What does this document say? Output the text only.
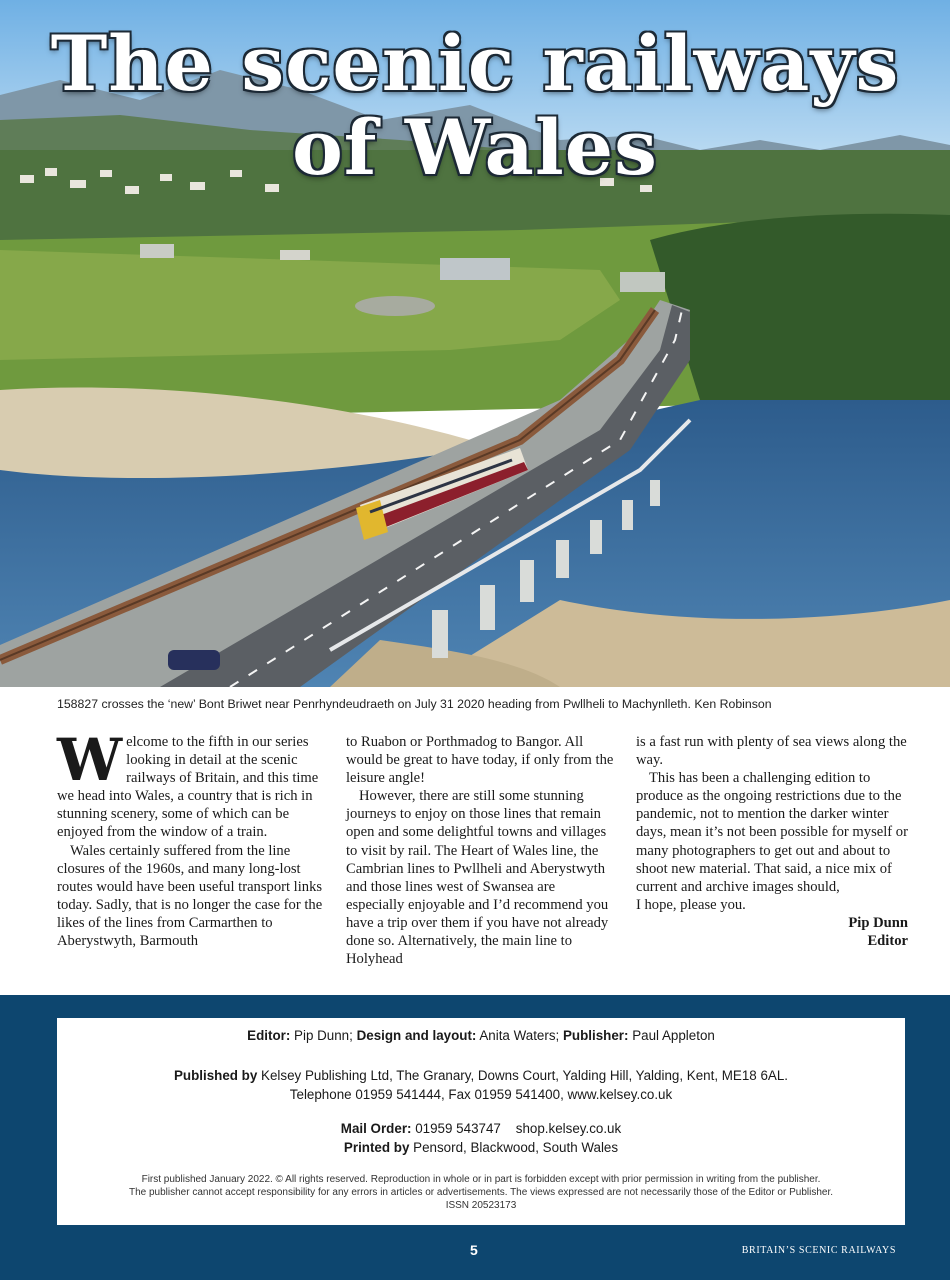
The scenic railways
of Wales

158827 crosses the ‘new’ Bont Briwet near Penrhyndeudraeth on July 31 2020 heading from Pwllheli to Machynlleth. Ken Robinson

Welcome to the fifth in our series looking in detail at the scenic railways of Britain, and this time we head into Wales, a country that is rich in stunning scenery, some of which can be enjoyed from the window of a train.

Wales certainly suffered from the line closures of the 1960s, and many long-lost routes would have been useful transport links today. Sadly, that is no longer the case for the likes of the lines from Carmarthen to Aberystwyth, Barmouth

to Ruabon or Porthmadog to Bangor. All would be great to have today, if only from the leisure angle!

However, there are still some stunning journeys to enjoy on those lines that remain open and some delightful towns and villages to visit by rail. The Heart of Wales line, the Cambrian lines to Pwllheli and Aberystwyth and those lines west of Swansea are especially enjoyable and I’d recommend you have a trip over them if you have not already done so. Alternatively, the main line to Holyhead

is a fast run with plenty of sea views along the way.

This has been a challenging edition to produce as the ongoing restrictions due to the pandemic, not to mention the darker winter days, mean it’s not been possible for myself or many photographers to get out and about to shoot new material. That said, a nice mix of current and archive images should,

I hope, please you.

Pip Dunn

Editor

Editor: Pip Dunn; Design and layout: Anita Waters; Publisher: Paul Appleton
Published by Kelsey Publishing Ltd, The Granary, Downs Court, Yalding Hill, Yalding, Kent, ME18 6AL.
Telephone 01959 541444, Fax 01959 541400, www.kelsey.co.uk
Mail Order: 01959 543747 shop.kelsey.co.uk
Printed by Pensord, Blackwood, South Wales
First published January 2022. © All rights reserved. Reproduction in whole or in part is forbidden except with prior permission in writing from the publisher.
The publisher cannot accept responsibility for any errors in articles or advertisements. The views expressed are not necessarily those of the Editor or Publisher.
ISSN 20523173
5	BRITAIN’S SCENIC RAILWAYS
